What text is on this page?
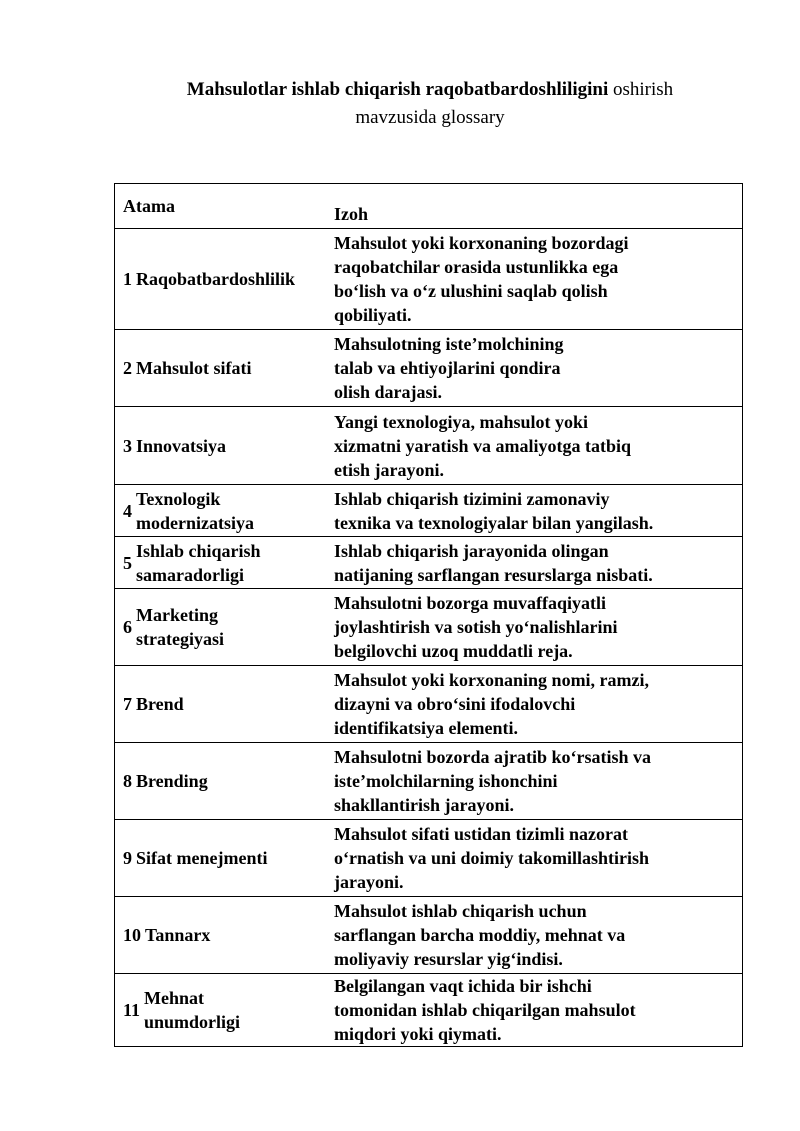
Mahsulotlar ishlab chiqarish raqobatbardoshliligini oshirish
mavzusida glossary
Atama	Izoh
1 Raqobatbardoshlilik
Mahsulot yoki korxonaning bozordagi
raqobatchilar orasida ustunlikka ega
bo‘lish va o‘z ulushini saqlab qolish
qobiliyati.
2 Mahsulot sifati
Mahsulotning iste’molchining
talab va ehtiyojlarini qondira
olish darajasi.
3 Innovatsiya
Yangi texnologiya, mahsulot yoki
xizmatni yaratish va amaliyotga tatbiq
etish jarayoni.
4
Texnologik
modernizatsiya
Ishlab chiqarish tizimini zamonaviy
texnika va texnologiyalar bilan yangilash.
5
Ishlab chiqarish
samaradorligi
Ishlab chiqarish jarayonida olingan
natijaning sarflangan resurslarga nisbati.
6
Marketing
strategiyasi
Mahsulotni bozorga muvaffaqiyatli
joylashtirish va sotish yo‘nalishlarini
belgilovchi uzoq muddatli reja.
7 Brend
Mahsulot yoki korxonaning nomi, ramzi,
dizayni va obro‘sini ifodalovchi
identifikatsiya elementi.
8 Brending
Mahsulotni bozorda ajratib ko‘rsatish va
iste’molchilarning ishonchini
shakllantirish jarayoni.
9 Sifat menejmenti
Mahsulot sifati ustidan tizimli nazorat
o‘rnatish va uni doimiy takomillashtirish
jarayoni.
10 Tannarx
Mahsulot ishlab chiqarish uchun
sarflangan barcha moddiy, mehnat va
moliyaviy resurslar yig‘indisi.
11
Mehnat
unumdorligi
Belgilangan vaqt ichida bir ishchi
tomonidan ishlab chiqarilgan mahsulot
miqdori yoki qiymati.
